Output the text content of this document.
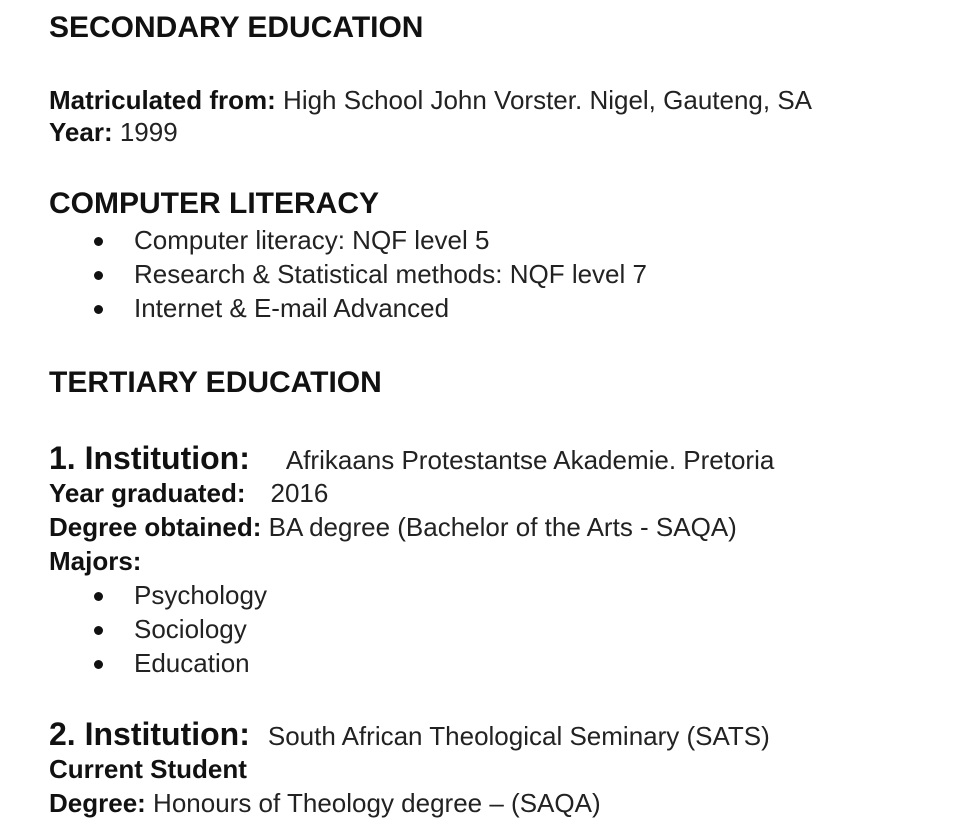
SECONDARY EDUCATION
Matriculated from: High School John Vorster. Nigel, Gauteng, SA
Year: 1999
COMPUTER LITERACY
Computer literacy: NQF level 5
Research & Statistical methods: NQF level 7
Internet & E-mail Advanced
TERTIARY EDUCATION
1. Institution: Afrikaans Protestantse Akademie. Pretoria
Year graduated: 2016
Degree obtained: BA degree (Bachelor of the Arts - SAQA)
Majors:
Psychology
Sociology
Education
2. Institution: South African Theological Seminary (SATS)
Current Student
Degree: Honours of Theology degree – (SAQA)
